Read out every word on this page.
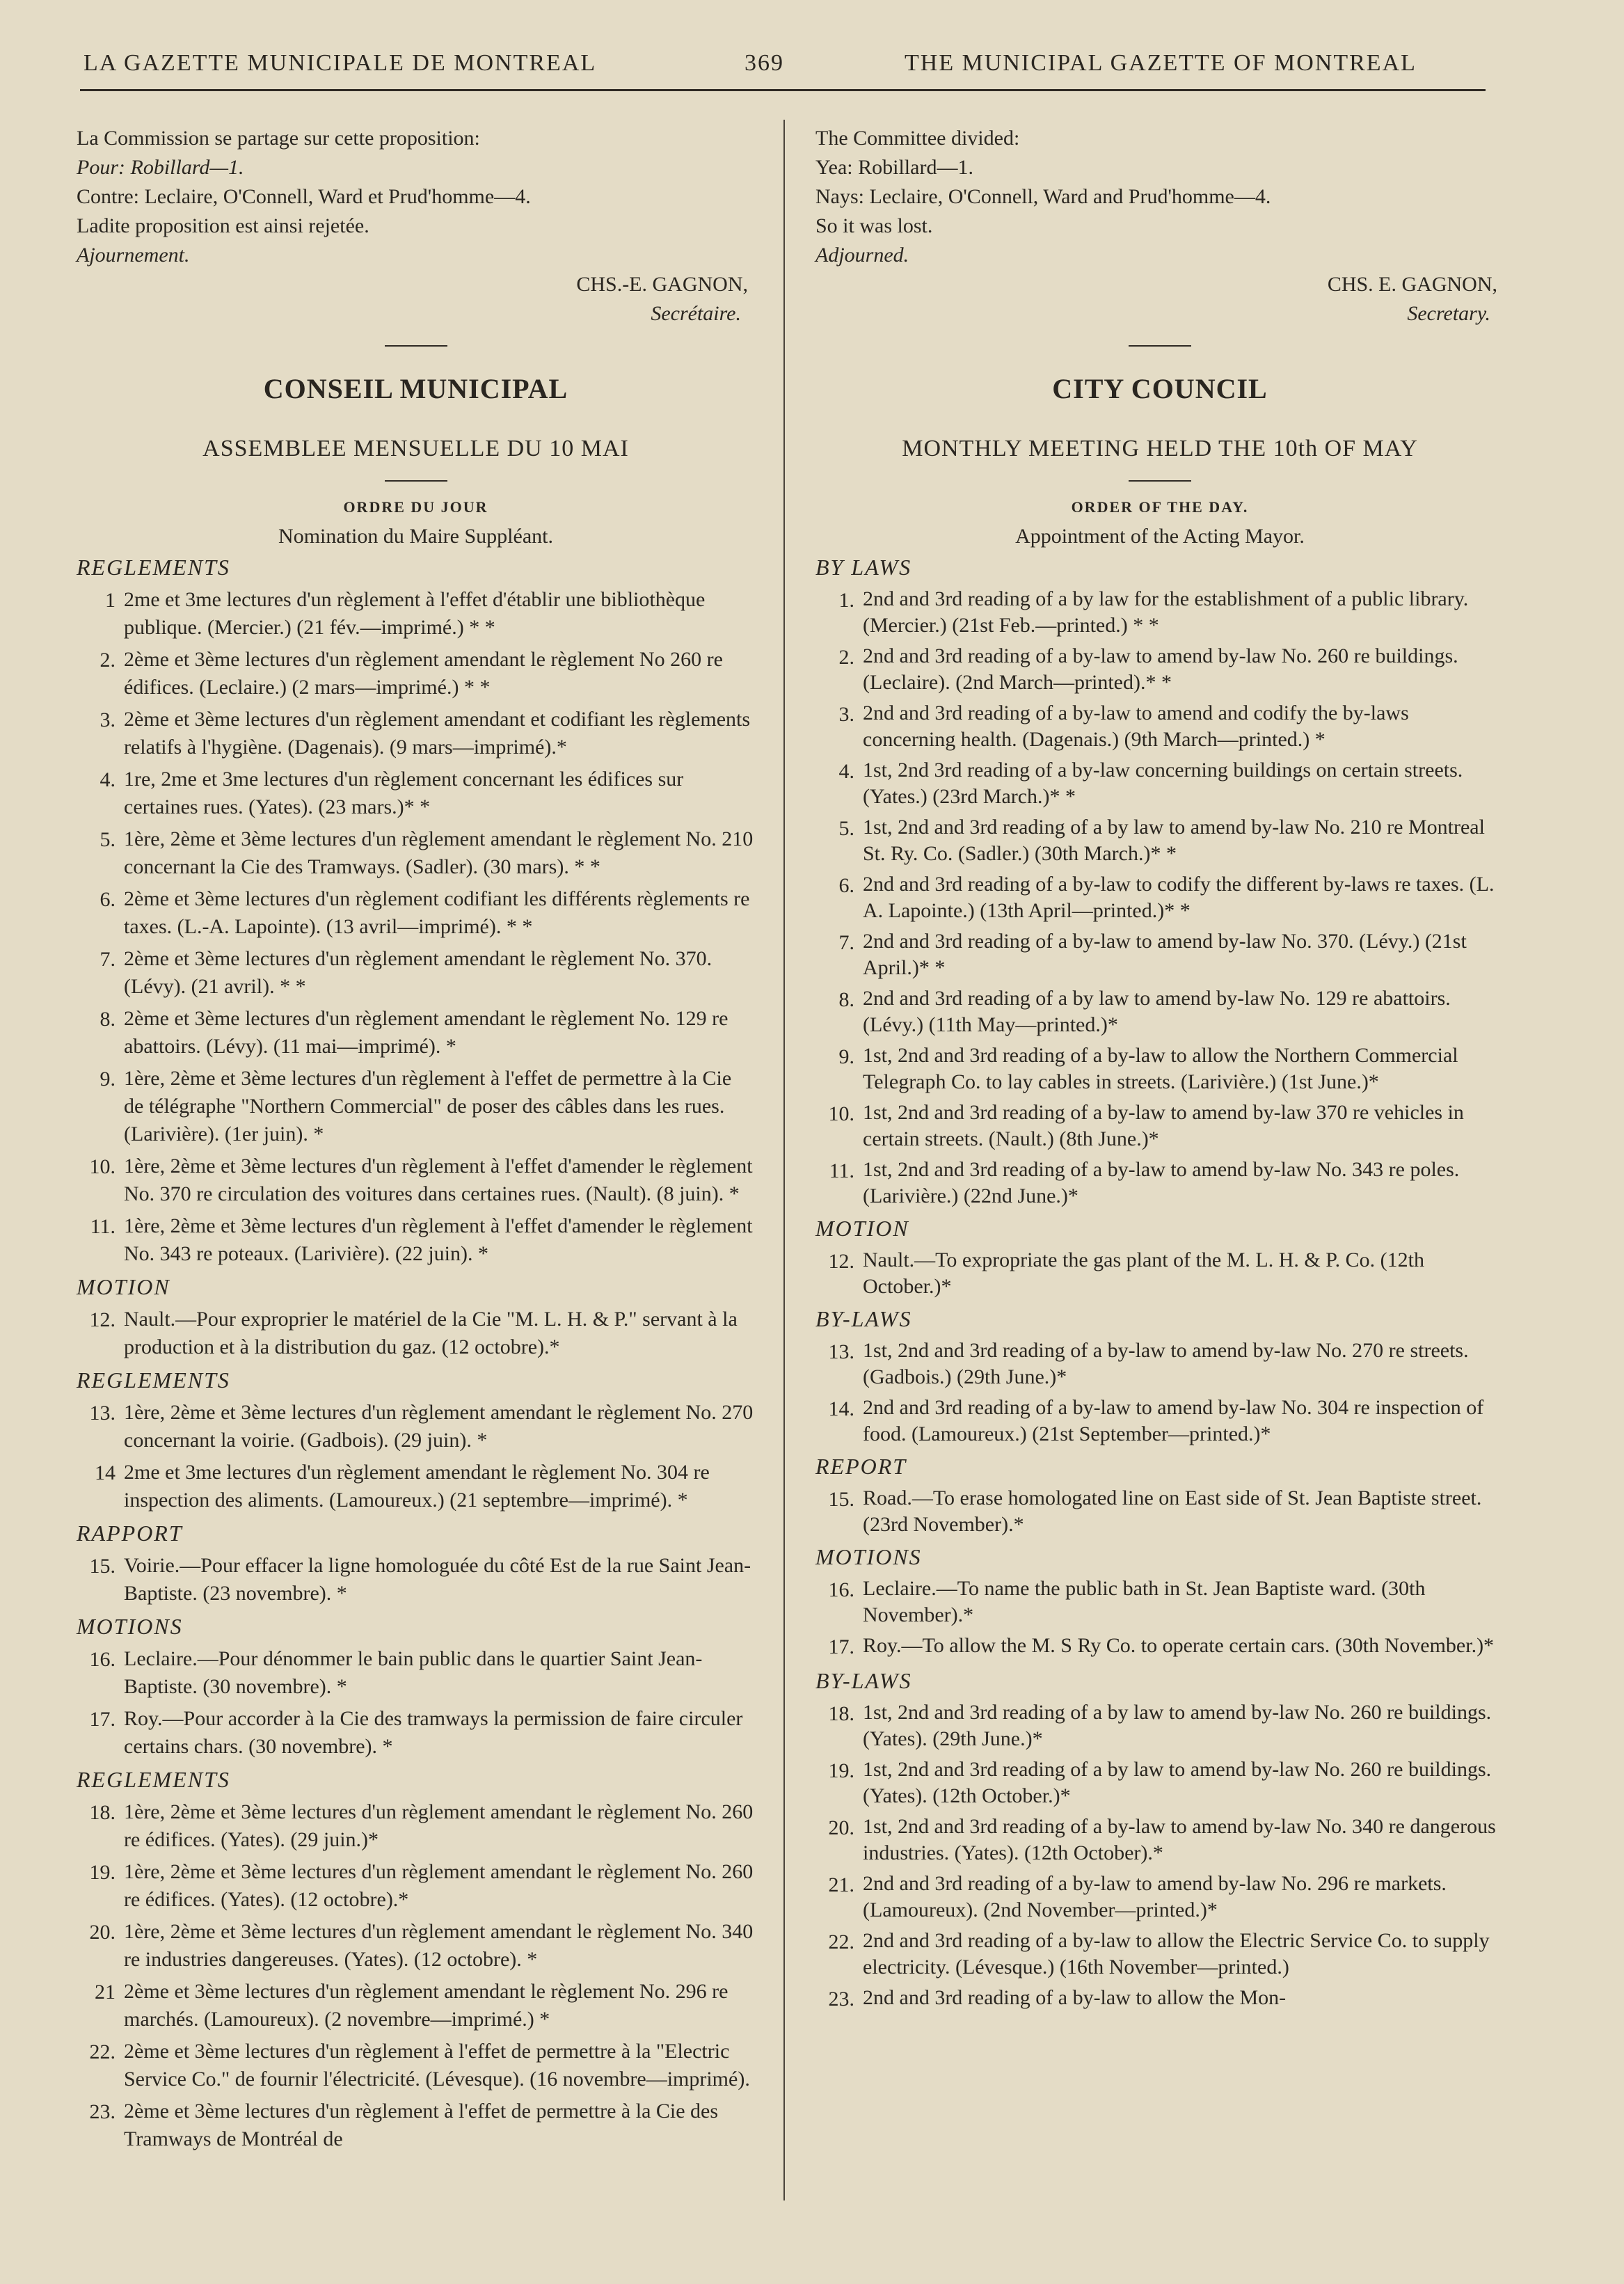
LA GAZETTE MUNICIPALE DE MONTREAL	369	THE MUNICIPAL GAZETTE OF MONTREAL

La Commission se partage sur cette proposition:

Pour: Robillard—1.

Contre: Leclaire, O'Connell, Ward et Prud'homme—4.

Ladite proposition est ainsi rejetée.

Ajournement.

CHS.-E. GAGNON,

Secrétaire.

CONSEIL MUNICIPAL
ASSEMBLEE MENSUELLE DU 10 MAI
ORDRE DU JOUR
Nomination du Maire Suppléant.
REGLEMENTS
1 2me et 3me lectures d'un règlement à l'effet d'établir une bibliothèque publique. (Mercier.) (21 fév.—imprimé.) * *
2. 2ème et 3ème lectures d'un règlement amendant le règlement No 260 re édifices. (Leclaire.) (2 mars—imprimé.) * *
3. 2ème et 3ème lectures d'un règlement amendant et codifiant les règlements relatifs à l'hygiène. (Dagenais). (9 mars—imprimé).*
4. 1re, 2me et 3me lectures d'un règlement concernant les édifices sur certaines rues. (Yates). (23 mars.)* *
5. 1ère, 2ème et 3ème lectures d'un règlement amendant le règlement No. 210 concernant la Cie des Tramways. (Sadler). (30 mars). * *
6. 2ème et 3ème lectures d'un règlement codifiant les différents règlements re taxes. (L.-A. Lapointe). (13 avril—imprimé). * *
7. 2ème et 3ème lectures d'un règlement amendant le règlement No. 370. (Lévy). (21 avril). * *
8. 2ème et 3ème lectures d'un règlement amendant le règlement No. 129 re abattoirs. (Lévy). (11 mai—imprimé). *
9. 1ère, 2ème et 3ème lectures d'un règlement à l'effet de permettre à la Cie de télégraphe "Northern Commercial" de poser des câbles dans les rues. (Larivière). (1er juin). *
10. 1ère, 2ème et 3ème lectures d'un règlement à l'effet d'amender le règlement No. 370 re circulation des voitures dans certaines rues. (Nault). (8 juin). *
11. 1ère, 2ème et 3ème lectures d'un règlement à l'effet d'amender le règlement No. 343 re poteaux. (Larivière). (22 juin). *
MOTION
12. Nault.—Pour exproprier le matériel de la Cie "M. L. H. & P." servant à la production et à la distribution du gaz. (12 octobre).*
REGLEMENTS
13. 1ère, 2ème et 3ème lectures d'un règlement amendant le règlement No. 270 concernant la voirie. (Gadbois). (29 juin). *
14 2me et 3me lectures d'un règlement amendant le règlement No. 304 re inspection des aliments. (Lamoureux.) (21 septembre—imprimé). *
RAPPORT
15. Voirie.—Pour effacer la ligne homologuée du côté Est de la rue Saint Jean-Baptiste. (23 novembre). *
MOTIONS
16. Leclaire.—Pour dénommer le bain public dans le quartier Saint Jean-Baptiste. (30 novembre). *
17. Roy.—Pour accorder à la Cie des tramways la permission de faire circuler certains chars. (30 novembre). *
REGLEMENTS
18. 1ère, 2ème et 3ème lectures d'un règlement amendant le règlement No. 260 re édifices. (Yates). (29 juin.)*
19. 1ère, 2ème et 3ème lectures d'un règlement amendant le règlement No. 260 re édifices. (Yates). (12 octobre).*
20. 1ère, 2ème et 3ème lectures d'un règlement amendant le règlement No. 340 re industries dangereuses. (Yates). (12 octobre). *
21 2ème et 3ème lectures d'un règlement amendant le règlement No. 296 re marchés. (Lamoureux). (2 novembre—imprimé.) *
22. 2ème et 3ème lectures d'un règlement à l'effet de permettre à la "Electric Service Co." de fournir l'électricité. (Lévesque). (16 novembre—imprimé).
23. 2ème et 3ème lectures d'un règlement à l'effet de permettre à la Cie des Tramways de Montréal de

The Committee divided:

Yea: Robillard—1.

Nays: Leclaire, O'Connell, Ward and Prud'homme—4.

So it was lost.

Adjourned.

CHS. E. GAGNON,

Secretary.

CITY COUNCIL
MONTHLY MEETING HELD THE 10th OF MAY
ORDER OF THE DAY.
Appointment of the Acting Mayor.
BY LAWS
1. 2nd and 3rd reading of a by law for the establishment of a public library. (Mercier.) (21st Feb.—printed.) * *
2. 2nd and 3rd reading of a by-law to amend by-law No. 260 re buildings. (Leclaire). (2nd March—printed).* *
3. 2nd and 3rd reading of a by-law to amend and codify the by-laws concerning health. (Dagenais.) (9th March—printed.) *
4. 1st, 2nd 3rd reading of a by-law concerning buildings on certain streets. (Yates.) (23rd March.)* *
5. 1st, 2nd and 3rd reading of a by law to amend by-law No. 210 re Montreal St. Ry. Co. (Sadler.) (30th March.)* *
6. 2nd and 3rd reading of a by-law to codify the different by-laws re taxes. (L. A. Lapointe.) (13th April—printed.)* *
7. 2nd and 3rd reading of a by-law to amend by-law No. 370. (Lévy.) (21st April.)* *
8. 2nd and 3rd reading of a by law to amend by-law No. 129 re abattoirs. (Lévy.) (11th May—printed.)*
9. 1st, 2nd and 3rd reading of a by-law to allow the Northern Commercial Telegraph Co. to lay cables in streets. (Larivière.) (1st June.)*
10. 1st, 2nd and 3rd reading of a by-law to amend by-law 370 re vehicles in certain streets. (Nault.) (8th June.)*
11. 1st, 2nd and 3rd reading of a by-law to amend by-law No. 343 re poles. (Larivière.) (22nd June.)*
MOTION
12. Nault.—To expropriate the gas plant of the M. L. H. & P. Co. (12th October.)*
BY-LAWS
13. 1st, 2nd and 3rd reading of a by-law to amend by-law No. 270 re streets. (Gadbois.) (29th June.)*
14. 2nd and 3rd reading of a by-law to amend by-law No. 304 re inspection of food. (Lamoureux.) (21st September—printed.)*
REPORT
15. Road.—To erase homologated line on East side of St. Jean Baptiste street. (23rd November).*
MOTIONS
16. Leclaire.—To name the public bath in St. Jean Baptiste ward. (30th November).*
17. Roy.—To allow the M. S Ry Co. to operate certain cars. (30th November.)*
BY-LAWS
18. 1st, 2nd and 3rd reading of a by law to amend by-law No. 260 re buildings. (Yates). (29th June.)*
19. 1st, 2nd and 3rd reading of a by law to amend by-law No. 260 re buildings. (Yates). (12th October.)*
20. 1st, 2nd and 3rd reading of a by-law to amend by-law No. 340 re dangerous industries. (Yates). (12th October).*
21. 2nd and 3rd reading of a by-law to amend by-law No. 296 re markets. (Lamoureux). (2nd November—printed.)*
22. 2nd and 3rd reading of a by-law to allow the Electric Service Co. to supply electricity. (Lévesque.) (16th November—printed.)
23. 2nd and 3rd reading of a by-law to allow the Mon-
